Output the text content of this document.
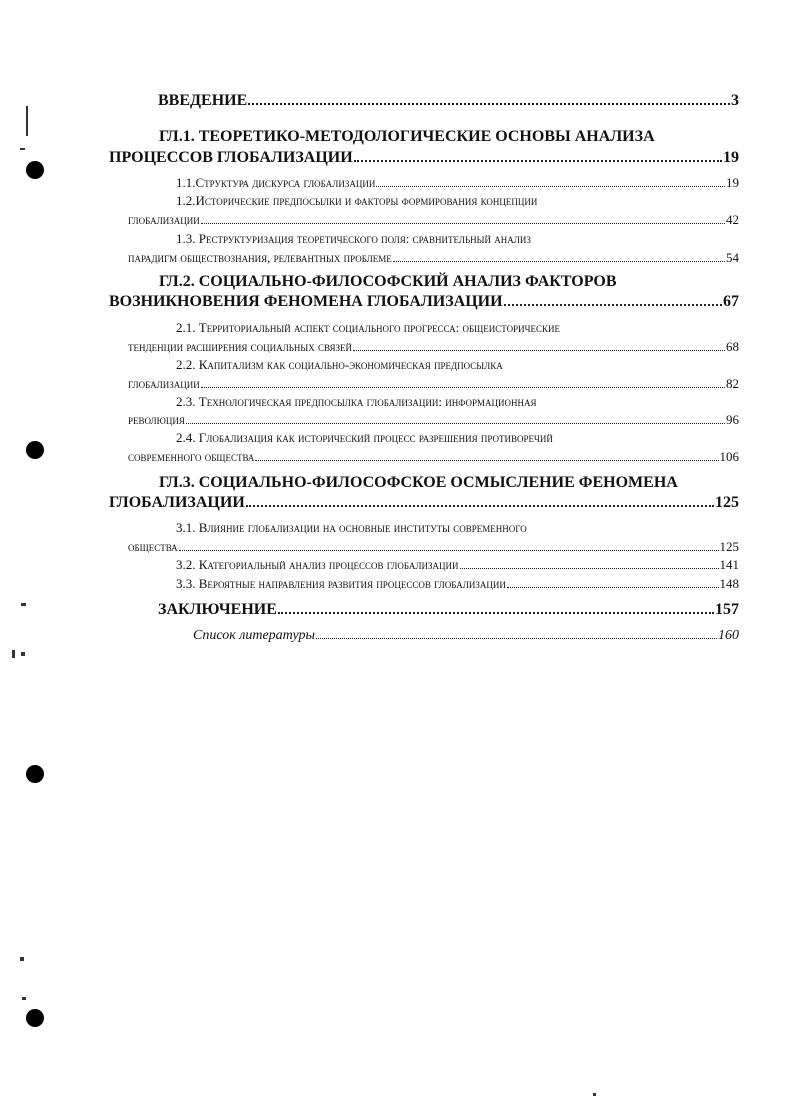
ВВЕДЕНИЕ	3
ГЛ.1. ТЕОРЕТИКО-МЕТОДОЛОГИЧЕСКИЕ ОСНОВЫ АНАЛИЗА
ПРОЦЕССОВ ГЛОБАЛИЗАЦИИ	19
1.1.Структура дискурса глобализации	19
1.2.Исторические предпосылки и факторы формирования концепции
глобализации	42
1.3. Реструктуризация теоретического поля: сравнительный анализ
парадигм обществознания, релевантных проблеме	54
ГЛ.2. СОЦИАЛЬНО-ФИЛОСОФСКИЙ АНАЛИЗ ФАКТОРОВ
ВОЗНИКНОВЕНИЯ ФЕНОМЕНА ГЛОБАЛИЗАЦИИ	67
2.1. Территориальный аспект социального прогресса: общеисторические
тенденции расширения социальных связей	68
2.2. Капитализм как социально-экономическая предпосылка
глобализации	82
2.3. Технологическая предпосылка глобализации: информационная
революция	96
2.4. Глобализация как исторический процесс разрешения противоречий
современного общества	106
ГЛ.3. СОЦИАЛЬНО-ФИЛОСОФСКОЕ ОСМЫСЛЕНИЕ ФЕНОМЕНА
ГЛОБАЛИЗАЦИИ	125
3.1. Влияние глобализации на основные институты современного
общества	125
3.2. Категориальный анализ процессов глобализации	141
3.3. Вероятные направления развития процессов глобализации	148
ЗАКЛЮЧЕНИЕ	157
Список литературы	160
